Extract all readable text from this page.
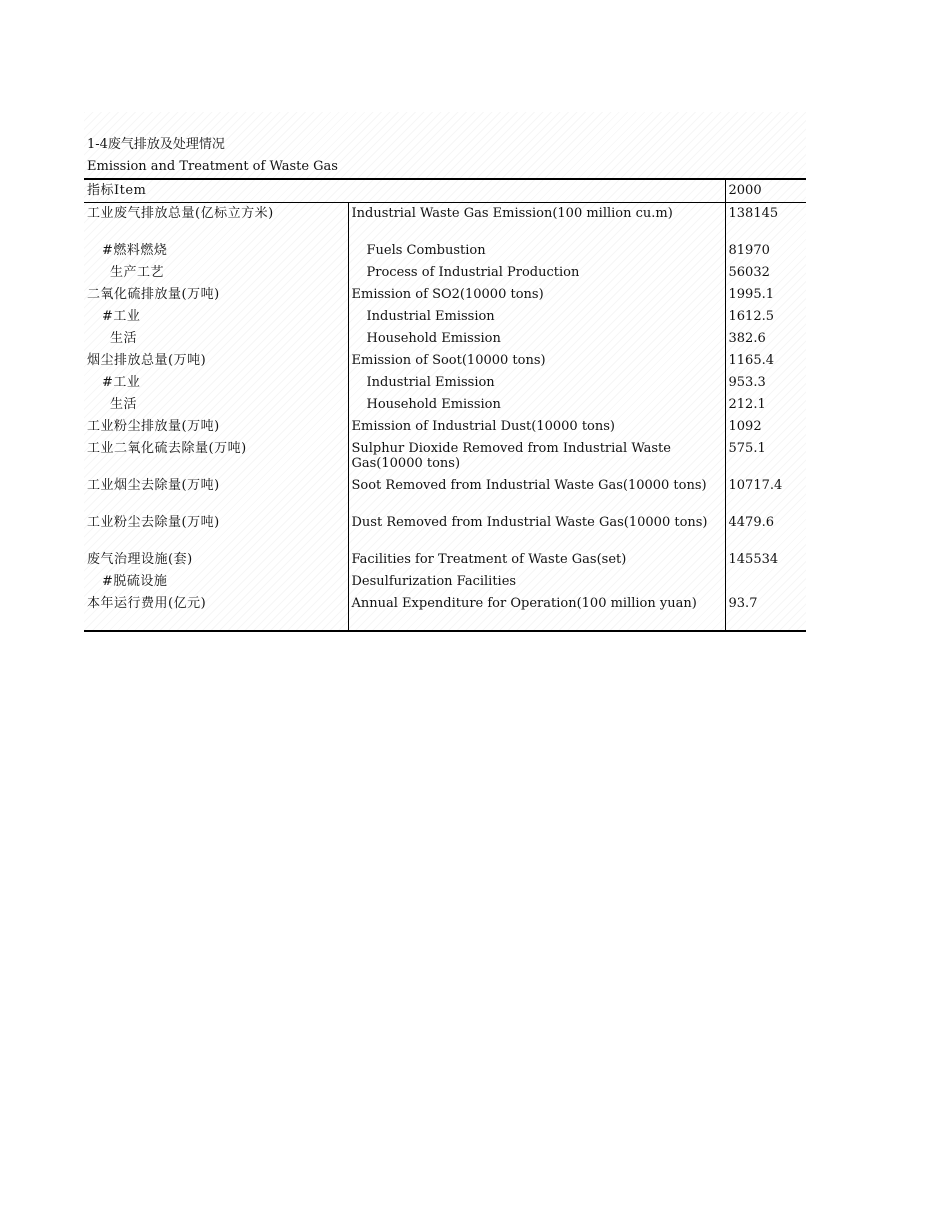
1-4废气排放及处理情况
Emission and Treatment of Waste Gas
指标Item		2000
工业废气排放总量(亿标立方米)	Industrial Waste Gas Emission(100 million cu.m)	138145
#燃料燃烧	Fuels Combustion	81970
生产工艺	Process of Industrial Production	56032
二氧化硫排放量(万吨)	Emission of SO2(10000 tons)	1995.1
#工业	Industrial Emission	1612.5
生活	Household Emission	382.6
烟尘排放总量(万吨)	Emission of Soot(10000 tons)	1165.4
#工业	Industrial Emission	953.3
生活	Household Emission	212.1
工业粉尘排放量(万吨)	Emission of Industrial Dust(10000 tons)	1092
工业二氧化硫去除量(万吨)	Sulphur Dioxide Removed from Industrial Waste Gas(10000 tons)	575.1
工业烟尘去除量(万吨)	Soot Removed from Industrial Waste Gas(10000 tons)	10717.4
工业粉尘去除量(万吨)	Dust Removed from Industrial Waste Gas(10000 tons)	4479.6
废气治理设施(套)	Facilities for Treatment of Waste Gas(set)	145534
#脱硫设施	Desulfurization Facilities	
本年运行费用(亿元)	Annual Expenditure for Operation(100 million yuan)	93.7
